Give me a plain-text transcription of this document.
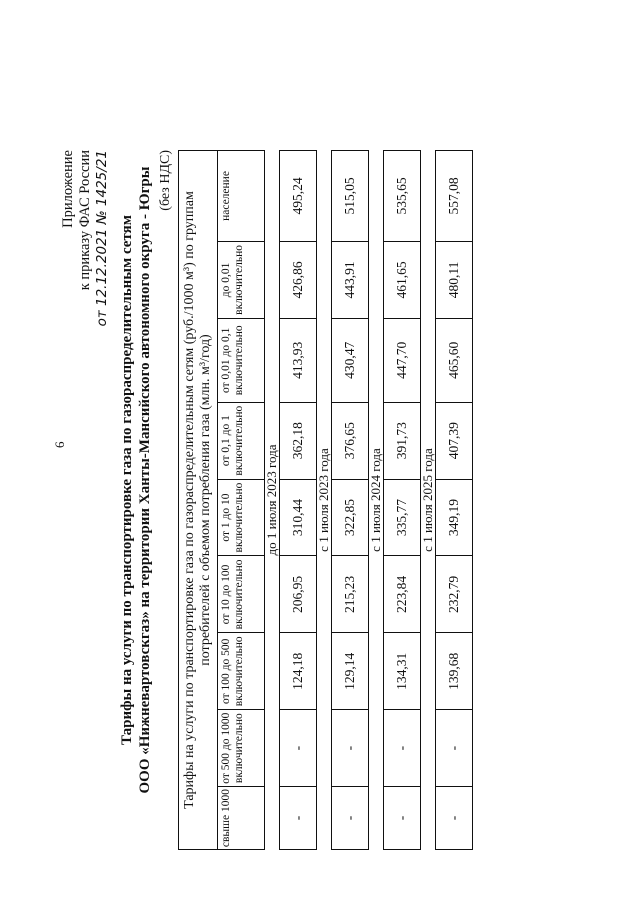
6
Приложение к приказу ФАС России от 12.12.2021 № 1425/21 Тарифы на услуги по транспортировке газа по газораспределительным сетям ООО «Нижневартовскгаз» на территории Ханты-Мансийского автономного округа - Югры (без НДС)
Тарифы на услуги по транспортировке газа по газораспределительным сетям (руб./1000 м³) по группам потребителей с объемом потребления газа (млн. м³/год)								
свыше 1000	от 500 до 1000 включительно	от 100 до 500 включительно	от 10 до 100 включительно	от 1 до 10 включительно	от 0,1 до 1 включительно	от 0,01 до 0,1 включительно	до 0,01 включительно	население
до 1 июля 2023 года								
-	-	124,18	206,95	310,44	362,18	413,93	426,86	495,24
с 1 июля 2023 года								
-	-	129,14	215,23	322,85	376,65	430,47	443,91	515,05
с 1 июля 2024 года								
-	-	134,31	223,84	335,77	391,73	447,70	461,65	535,65
с 1 июля 2025 года								
-	-	139,68	232,79	349,19	407,39	465,60	480,11	557,08
